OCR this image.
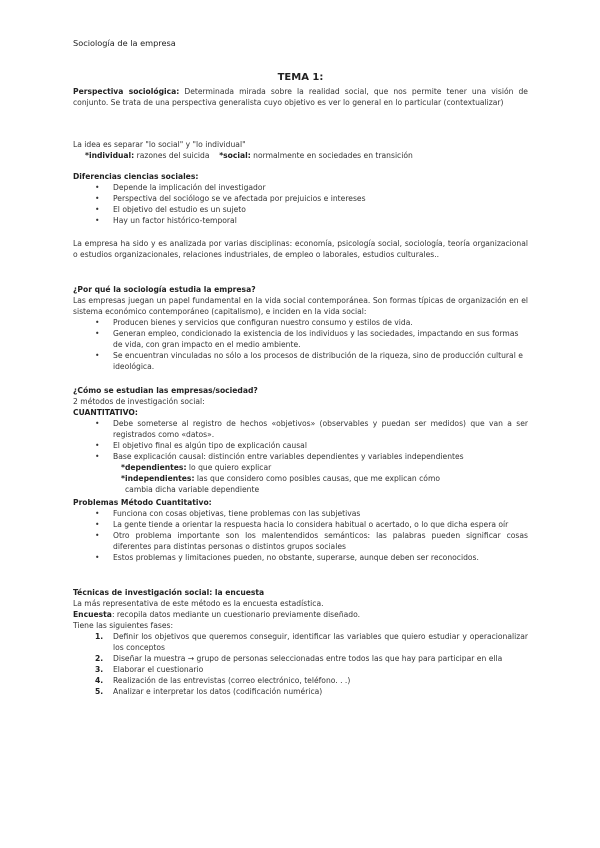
Sociología de la empresa
TEMA 1:
Perspectiva sociológica: Determinada mirada sobre la realidad social, que nos permite tener una visión de conjunto. Se trata de una perspectiva generalista cuyo objetivo es ver lo general en lo particular (contextualizar)
La idea es separar "lo social" y "lo individual"
*individual: razones del suicida *social: normalmente en sociedades en transición
Diferencias ciencias sociales:
• Depende la implicación del investigador
• Perspectiva del sociólogo se ve afectada por prejuicios e intereses
• El objetivo del estudio es un sujeto
• Hay un factor histórico-temporal
La empresa ha sido y es analizada por varias disciplinas: economía, psicología social, sociología, teoría organizacional o estudios organizacionales, relaciones industriales, de empleo o laborales, estudios culturales..
¿Por qué la sociología estudia la empresa?
Las empresas juegan un papel fundamental en la vida social contemporánea. Son formas típicas de organización en el sistema económico contemporáneo (capitalismo), e inciden en la vida social:
• Producen bienes y servicios que configuran nuestro consumo y estilos de vida.
• Generan empleo, condicionado la existencia de los individuos y las sociedades, impactando en sus formas de vida, con gran impacto en el medio ambiente.
• Se encuentran vinculadas no sólo a los procesos de distribución de la riqueza, sino de producción cultural e ideológica.
¿Cómo se estudian las empresas/sociedad?
2 métodos de investigación social:
CUANTITATIVO:
• Debe someterse al registro de hechos «objetivos» (observables y puedan ser medidos) que van a ser registrados como «datos».
• El objetivo final es algún tipo de explicación causal
• Base explicación causal: distinción entre variables dependientes y variables independientes
*dependientes: lo que quiero explicar
*independientes: las que considero como posibles causas, que me explican cómo
cambia dicha variable dependiente
Problemas Método Cuantitativo:
• Funciona con cosas objetivas, tiene problemas con las subjetivas
• La gente tiende a orientar la respuesta hacia lo considera habitual o acertado, o lo que dicha espera oír
• Otro problema importante son los malentendidos semánticos: las palabras pueden significar cosas diferentes para distintas personas o distintos grupos sociales
• Estos problemas y limitaciones pueden, no obstante, superarse, aunque deben ser reconocidos.
Técnicas de investigación social: la encuesta
La más representativa de este método es la encuesta estadística.
Encuesta: recopila datos mediante un cuestionario previamente diseñado.
Tiene las siguientes fases:
1. Definir los objetivos que queremos conseguir, identificar las variables que quiero estudiar y operacionalizar los conceptos
2. Diseñar la muestra → grupo de personas seleccionadas entre todos las que hay para participar en ella
3. Elaborar el cuestionario
4. Realización de las entrevistas (correo electrónico, teléfono. . .)
5. Analizar e interpretar los datos (codificación numérica)
